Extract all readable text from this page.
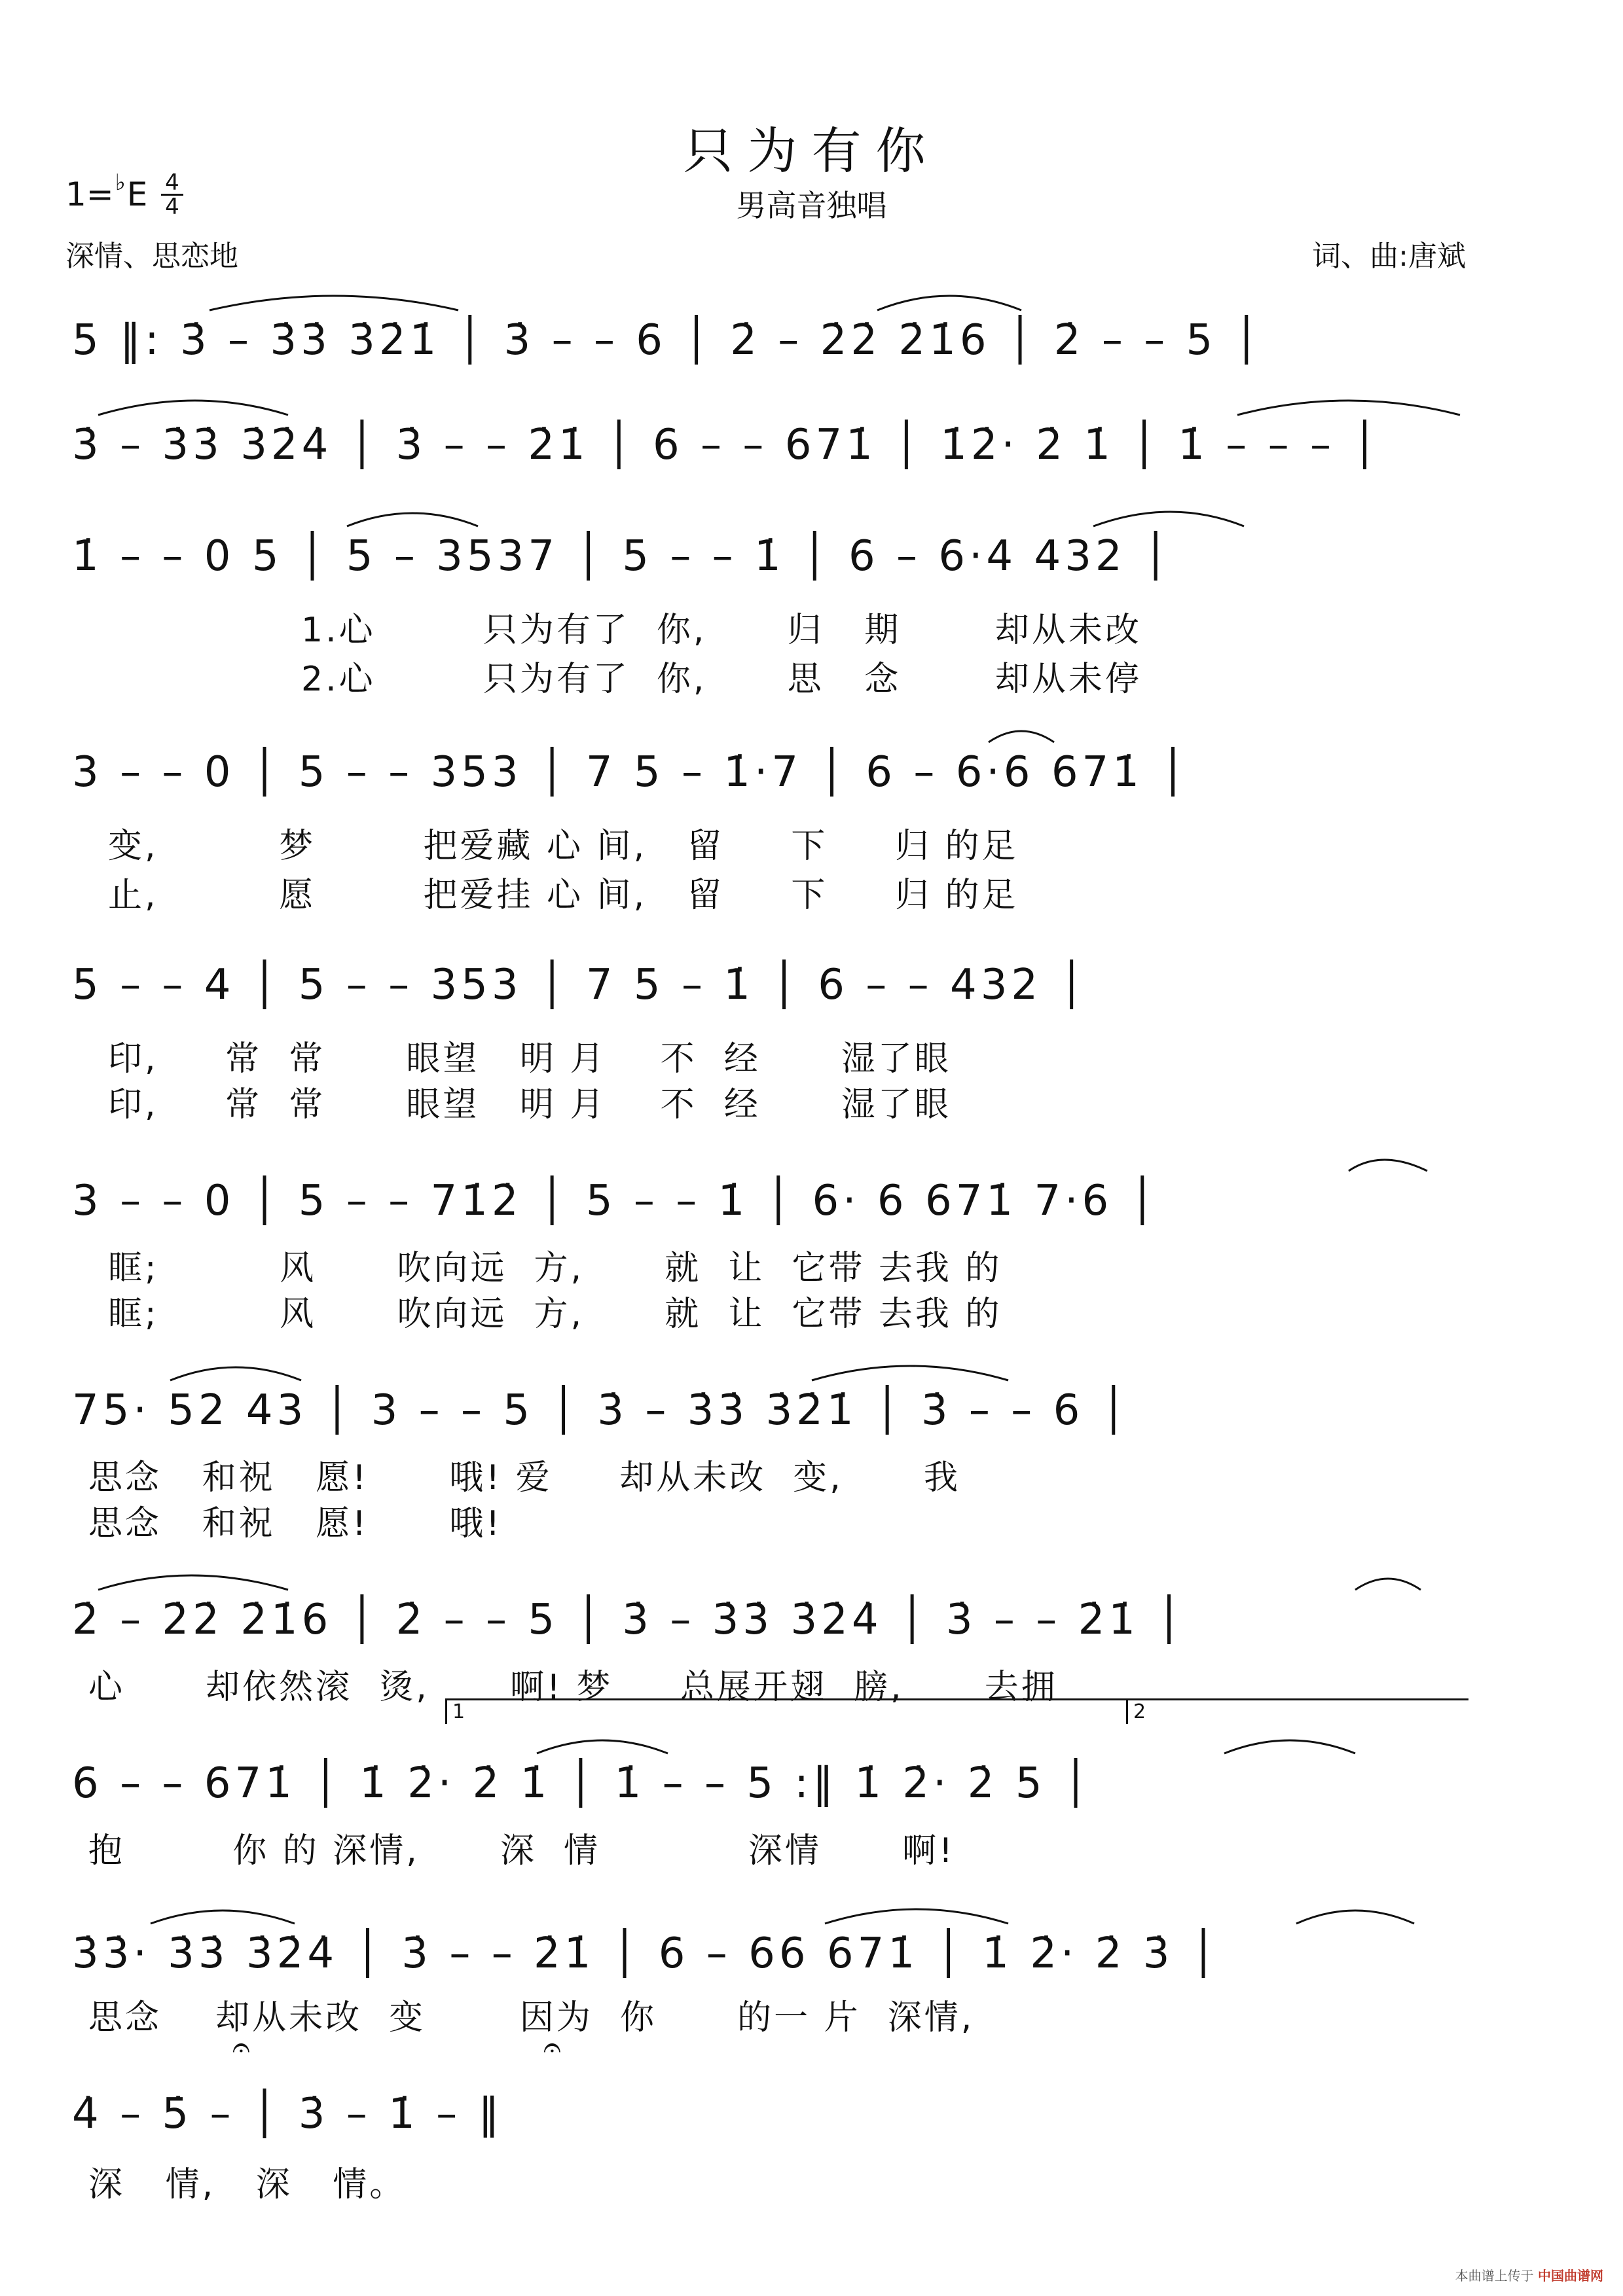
只为有你
男高音独唱
$1=^♭E \frac{4}{4}$
深情、思恋地	词、曲:唐斌
5 ‖: 3̇ – 3̇3̇ 3̇2̇1̇ │ 3̇ – – 6 │ 2̇ – 2̇2̇ 2̇1̇6 │ 2̇ – – 5 │
3̇ – 3̇3̇ 3̇2̇4̇ │ 3̇ – – 2̇1̇ │ 6 – – 671̇ │ 1̇2̇· 2̇ 1̇ │ 1̇ – – – │
1̇ – – 0 5 │ 5 – 3537 │ 5 – – 1̇ │ 6 – 6·4 432 │
1.心        只为有了  你,      归   期       却从未改
2.心        只为有了  你,      思   念       却从未停
3 – – 0 │ 5 – – 353 │ 7 5 – 1̇·7 │ 6 – 6·6 671̇ │
变,         梦        把爱藏 心 间,   留     下     归 的足
止,         愿        把爱挂 心 间,   留     下     归 的足
5 – – 4 │ 5 – – 353 │ 7 5 – 1̇ │ 6 – – 432 │
印,     常  常      眼望   明 月    不  经      湿了眼
印,     常  常      眼望   明 月    不  经      湿了眼
3 – – 0 │ 5 – – 71̇2̇ │ 5 – – 1̇ │ 6· 6 671̇ 7·6 │
眶;         风      吹向远  方,      就  让  它带 去我 的
眶;         风      吹向远  方,      就  让  它带 去我 的
75· 52 43 │ 3 – – 5 │ 3̇ – 3̇3̇ 3̇2̇1̇ │ 3̇ – – 6 │
思念   和祝   愿!      哦! 爱     却从未改  变,      我
思念   和祝   愿!      哦!
2̇ – 2̇2̇ 2̇1̇6 │ 2̇ – – 5 │ 3̇ – 3̇3̇ 3̇2̇4̇ │ 3̇ – – 2̇1̇ │
心      却依然滚  烫,      啊! 梦     总展开翅  膀,      去拥
1	2
6 – – 671̇ │ 1̇ 2̇· 2̇ 1̇ │ 1̇ – – 5 :‖ 1̇ 2̇· 2̇ 5 │
抱        你 的 深情,      深  情           深情      啊!
3̇3̇· 3̇3̇ 3̇2̇4̇ │ 3̇ – – 2̇1̇ │ 6 – 66 671̇ │ 1̇ 2̇· 2̇ 3̇ │
思念    却从未改  变       因为  你      的一 片  深情,
𝄐	𝄐
4̇ – 5̇ – │ 3̇ – 1̇ – ‖
深   情,   深   情。
本曲谱上传于 中国曲谱网
